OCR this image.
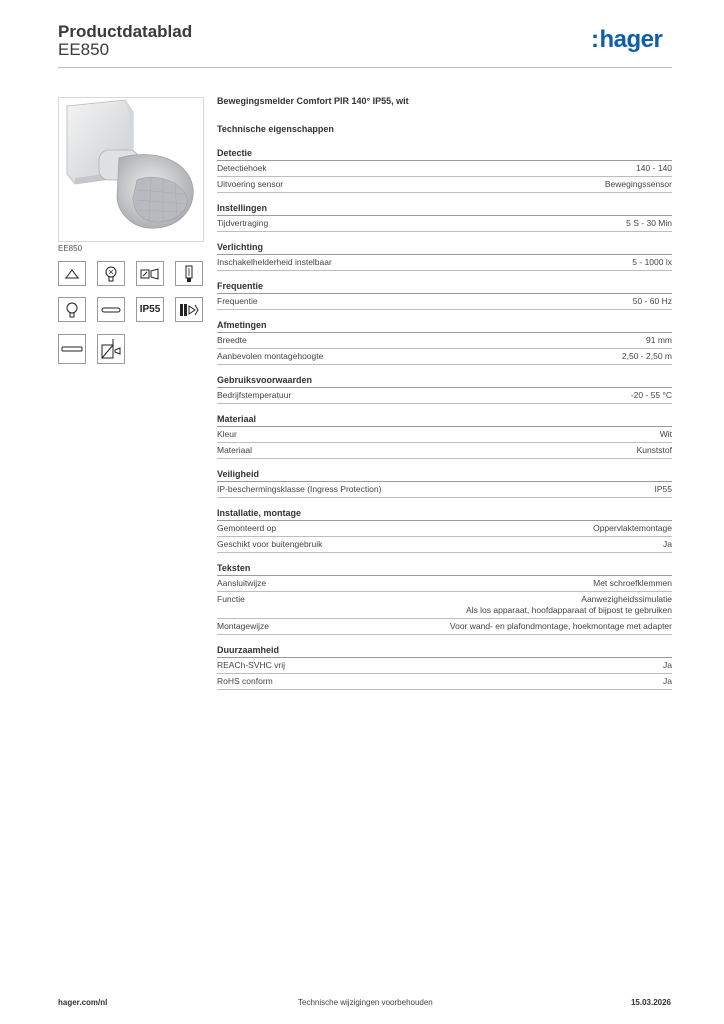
Productdatablad
EE850	:hager
EE850
IP55
Bewegingsmelder Comfort PIR 140° IP55, wit
Technische eigenschappen
Detectie
Detectiehoek	140 - 140
Uitvoering sensor	Bewegingssensor
Instellingen
Tijdvertraging	5 S - 30 Min
Verlichting
Inschakelhelderheid instelbaar	5 - 1000 lx
Frequentie
Frequentie	50 - 60 Hz
Afmetingen
Breedte	91 mm
Aanbevolen montagehoogte	2,50 - 2,50 m
Gebruiksvoorwaarden
Bedrijfstemperatuur	-20 - 55 °C
Materiaal
Kleur	Wit
Materiaal	Kunststof
Veiligheid
IP-beschermingsklasse (Ingress Protection)	IP55
Installatie, montage
Gemonteerd op	Oppervlaktemontage
Geschikt voor buitengebruik	Ja
Teksten
Aansluitwijze	Met schroefklemmen
Functie	Aanwezigheidssimulatie
Als los apparaat, hoofdapparaat of bijpost te gebruiken
Montagewijze	Voor wand- en plafondmontage, hoekmontage met adapter
Duurzaamheid
REACh-SVHC vrij	Ja
RoHS conform	Ja
hager.com/nl	Technische wijzigingen voorbehouden	15.03.2026
